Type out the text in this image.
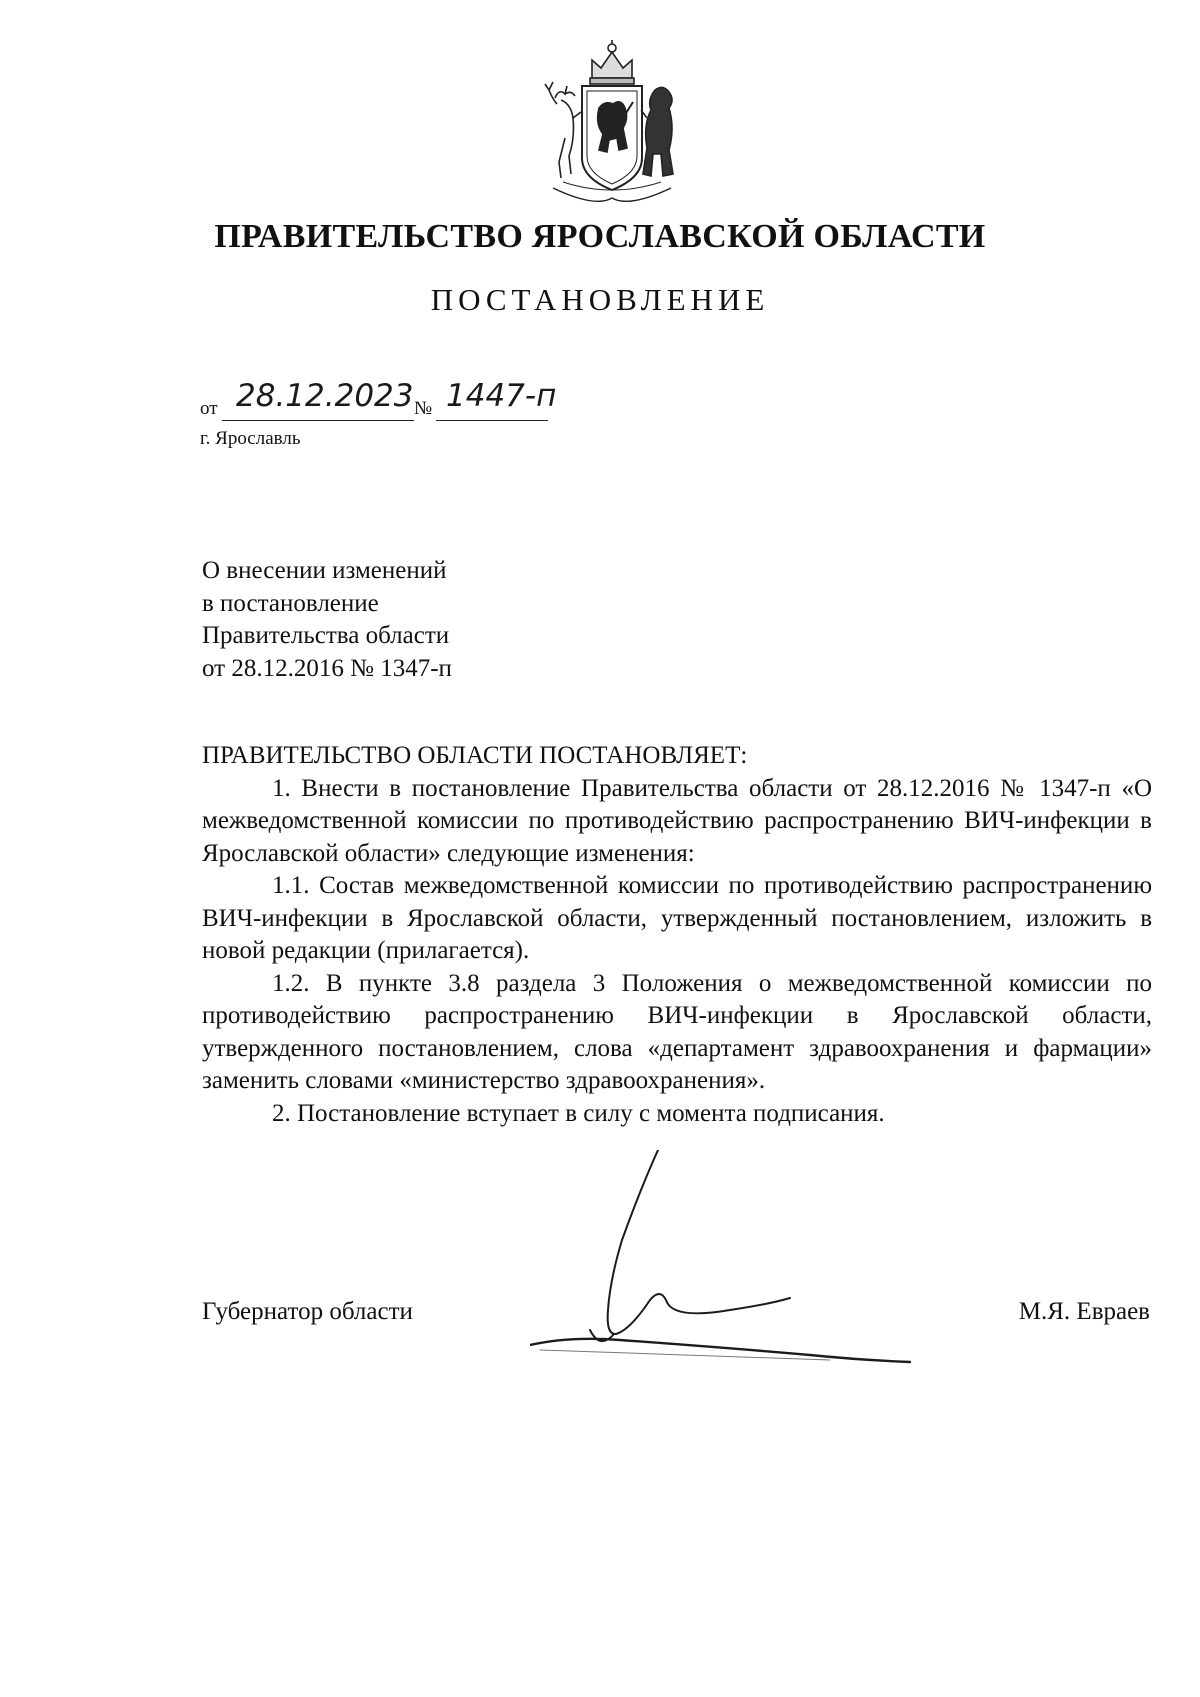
ПРАВИТЕЛЬСТВО ЯРОСЛАВСКОЙ ОБЛАСТИ
ПОСТАНОВЛЕНИЕ
от 28.12.2023 № 1447-п
г. Ярославль
О внесении изменений
в постановление
Правительства области
от 28.12.2016 № 1347-п

ПРАВИТЕЛЬСТВО ОБЛАСТИ ПОСТАНОВЛЯЕТ:

1. Внести в постановление Правительства области от 28.12.2016 № 1347-п «О межведомственной комиссии по противодействию распространению ВИЧ-инфекции в Ярославской области» следующие изменения:

1.1. Состав межведомственной комиссии по противодействию распространению ВИЧ-инфекции в Ярославской области, утвержденный постановлением, изложить в новой редакции (прилагается).

1.2. В пункте 3.8 раздела 3 Положения о межведомственной комиссии по противодействию распространению ВИЧ-инфекции в Ярославской области, утвержденного постановлением, слова «департамент здравоохранения и фармации» заменить словами «министерство здравоохранения».

2. Постановление вступает в силу с момента подписания.

Губернатор области	М.Я. Евраев
